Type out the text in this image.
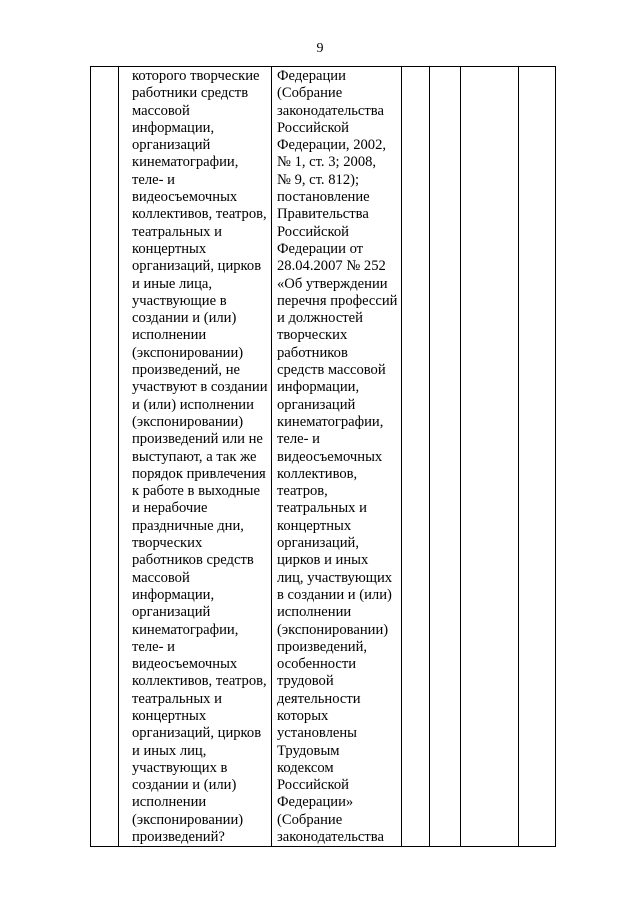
9

которого творческие
работники средств
массовой
информации,
организаций
кинематографии,
теле- и
видеосъемочных
коллективов, театров,
театральных и
концертных
организаций, цирков
и иные лица,
участвующие в
создании и (или)
исполнении
(экспонировании)
произведений, не
участвуют в создании
и (или) исполнении
(экспонировании)
произведений или не
выступают, а так же
порядок привлечения
к работе в выходные
и нерабочие
праздничные дни,
творческих
работников средств
массовой
информации,
организаций
кинематографии,
теле- и
видеосъемочных
коллективов, театров,
театральных и
концертных
организаций, цирков
и иных лиц,
участвующих в
создании и (или)
исполнении
(экспонировании)
произведений?

Федерации
(Собрание
законодательства
Российской
Федерации, 2002,
№ 1, ст. 3; 2008,
№ 9, ст. 812);
постановление
Правительства
Российской
Федерации от
28.04.2007 № 252
«Об утверждении
перечня профессий
и должностей
творческих
работников
средств массовой
информации,
организаций
кинематографии,
теле- и
видеосъемочных
коллективов,
театров,
театральных и
концертных
организаций,
цирков и иных
лиц, участвующих
в создании и (или)
исполнении
(экспонировании)
произведений,
особенности
трудовой
деятельности
которых
установлены
Трудовым
кодексом
Российской
Федерации»
(Собрание
законодательства
